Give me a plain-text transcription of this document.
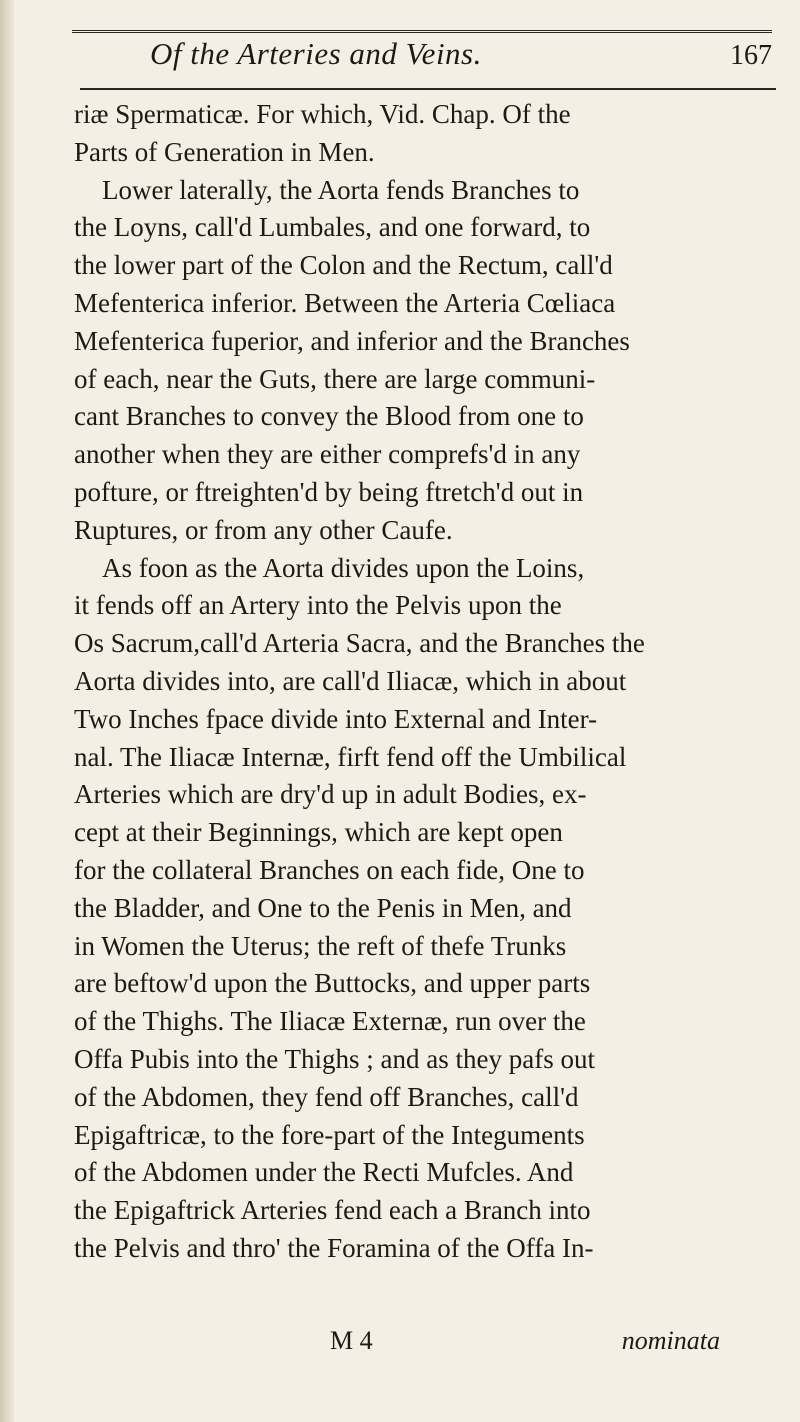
Of the Arteries and Veins.	167
riæ Spermaticæ. For which, Vid. Chap. Of the
Parts of Generation in Men.
Lower laterally, the Aorta fends Branches to
the Loyns, call'd Lumbales, and one forward, to
the lower part of the Colon and the Rectum, call'd
Mefenterica inferior. Between the Arteria Cœliaca
Mefenterica fuperior, and inferior and the Branches
of each, near the Guts, there are large communi-
cant Branches to convey the Blood from one to
another when they are either comprefs'd in any
pofture, or ftreighten'd by being ftretch'd out in
Ruptures, or from any other Caufe.
As foon as the Aorta divides upon the Loins,
it fends off an Artery into the Pelvis upon the
Os Sacrum,call'd Arteria Sacra, and the Branches the
Aorta divides into, are call'd Iliacæ, which in about
Two Inches fpace divide into External and Inter-
nal. The Iliacæ Internæ, firft fend off the Umbilical
Arteries which are dry'd up in adult Bodies, ex-
cept at their Beginnings, which are kept open
for the collateral Branches on each fide, One to
the Bladder, and One to the Penis in Men, and
in Women the Uterus; the reft of thefe Trunks
are beftow'd upon the Buttocks, and upper parts
of the Thighs. The Iliacæ Externæ, run over the
Offa Pubis into the Thighs ; and as they pafs out
of the Abdomen, they fend off Branches, call'd
Epigaftricæ, to the fore-part of the Integuments
of the Abdomen under the Recti Mufcles. And
the Epigaftrick Arteries fend each a Branch into
the Pelvis and thro' the Foramina of the Offa In-
M 4	nominata
